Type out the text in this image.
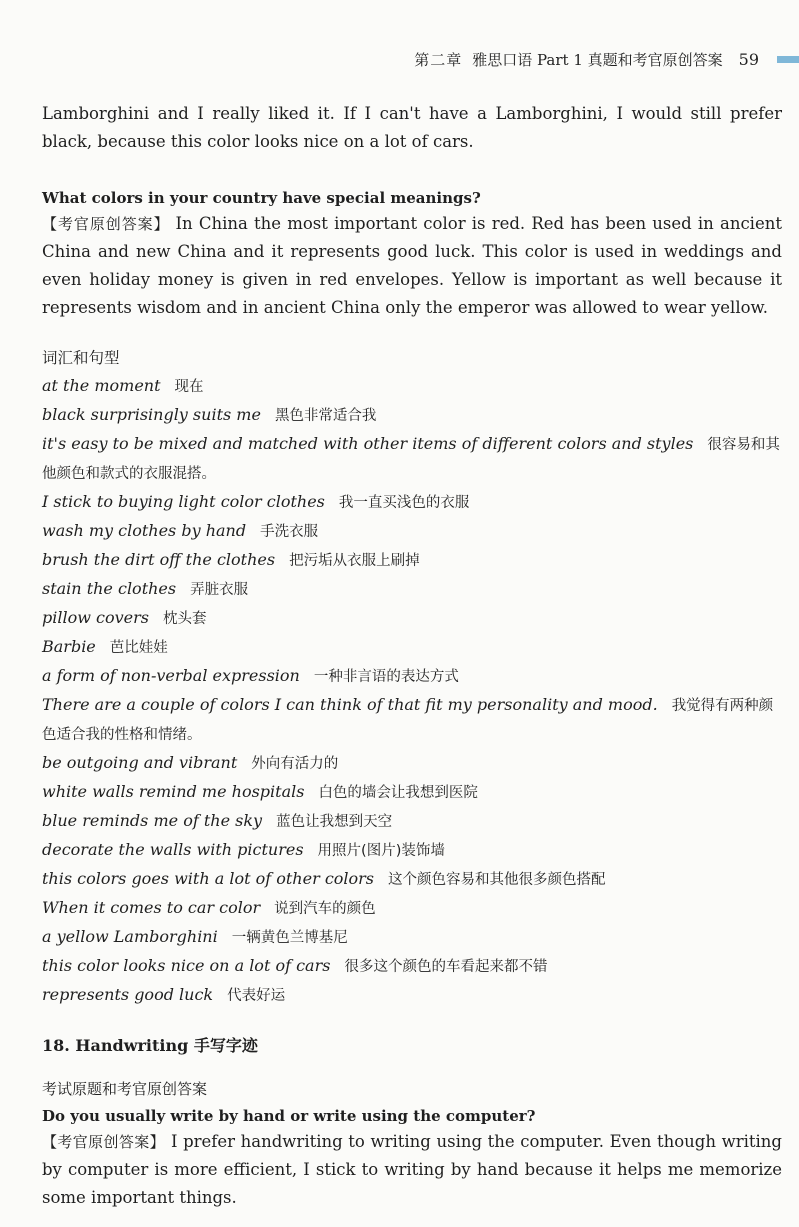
第二章 雅思口语 Part 1 真题和考官原创答案 59

Lamborghini and I really liked it. If I can't have a Lamborghini, I would still prefer black, because this color looks nice on a lot of cars.

What colors in your country have special meanings?

【考官原创答案】 In China the most important color is red. Red has been used in ancient China and new China and it represents good luck. This color is used in weddings and even holiday money is given in red envelopes. Yellow is important as well because it represents wisdom and in ancient China only the emperor was allowed to wear yellow.

词汇和句型
at the moment 现在
black surprisingly suits me 黑色非常适合我
it's easy to be mixed and matched with other items of different colors and styles 很容易和其他颜色和款式的衣服混搭。
I stick to buying light color clothes 我一直买浅色的衣服
wash my clothes by hand 手洗衣服
brush the dirt off the clothes 把污垢从衣服上刷掉
stain the clothes 弄脏衣服
pillow covers 枕头套
Barbie 芭比娃娃
a form of non-verbal expression 一种非言语的表达方式
There are a couple of colors I can think of that fit my personality and mood. 我觉得有两种颜色适合我的性格和情绪。
be outgoing and vibrant 外向有活力的
white walls remind me hospitals 白色的墙会让我想到医院
blue reminds me of the sky 蓝色让我想到天空
decorate the walls with pictures 用照片(图片)装饰墙
this colors goes with a lot of other colors 这个颜色容易和其他很多颜色搭配
When it comes to car color 说到汽车的颜色
a yellow Lamborghini 一辆黄色兰博基尼
this color looks nice on a lot of cars 很多这个颜色的车看起来都不错
represents good luck 代表好运
18. Handwriting 手写字迹
考试原题和考官原创答案

Do you usually write by hand or write using the computer?

【考官原创答案】 I prefer handwriting to writing using the computer. Even though writing by computer is more efficient, I stick to writing by hand because it helps me memorize some important things.
